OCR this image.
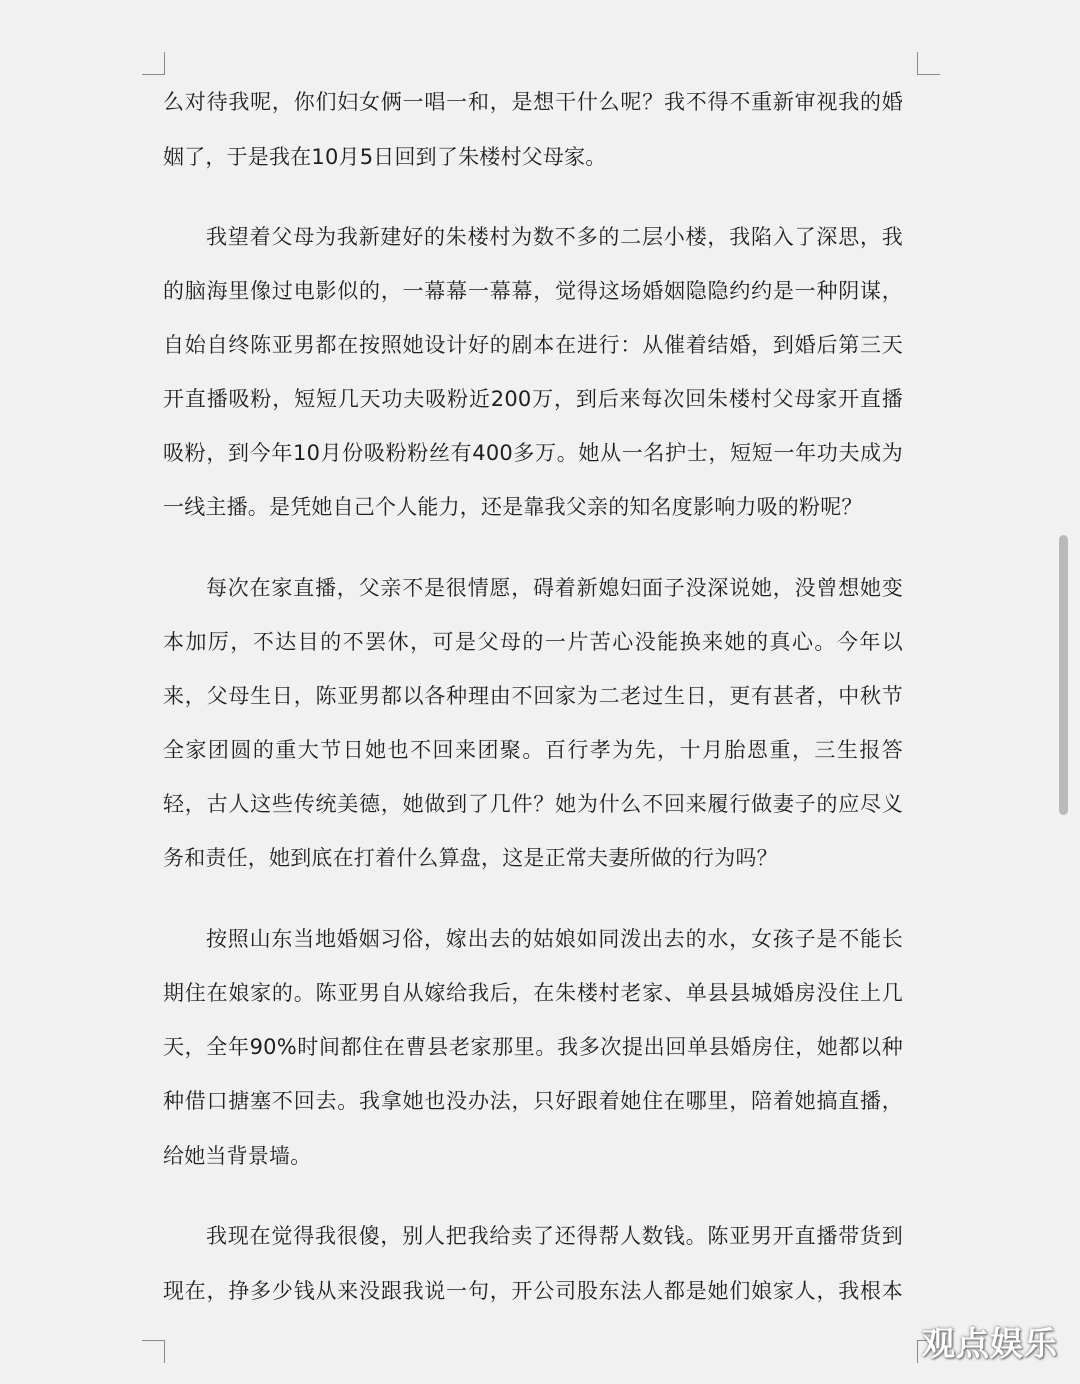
么对待我呢，你们妇女俩一唱一和，是想干什么呢？我不得不重新审视我的婚
姻了，于是我在10月5日回到了朱楼村父母家。
我望着父母为我新建好的朱楼村为数不多的二层小楼，我陷入了深思，我
的脑海里像过电影似的，一幕幕一幕幕，觉得这场婚姻隐隐约约是一种阴谋，
自始自终陈亚男都在按照她设计好的剧本在进行：从催着结婚，到婚后第三天
开直播吸粉，短短几天功夫吸粉近200万，到后来每次回朱楼村父母家开直播
吸粉，到今年10月份吸粉粉丝有400多万。她从一名护士，短短一年功夫成为
一线主播。是凭她自己个人能力，还是靠我父亲的知名度影响力吸的粉呢？
每次在家直播，父亲不是很情愿，碍着新媳妇面子没深说她，没曾想她变
本加厉，不达目的不罢休，可是父母的一片苦心没能换来她的真心。今年以
来，父母生日，陈亚男都以各种理由不回家为二老过生日，更有甚者，中秋节
全家团圆的重大节日她也不回来团聚。百行孝为先，十月胎恩重，三生报答
轻，古人这些传统美德，她做到了几件？她为什么不回来履行做妻子的应尽义
务和责任，她到底在打着什么算盘，这是正常夫妻所做的行为吗？
按照山东当地婚姻习俗，嫁出去的姑娘如同泼出去的水，女孩子是不能长
期住在娘家的。陈亚男自从嫁给我后，在朱楼村老家、单县县城婚房没住上几
天，全年90%时间都住在曹县老家那里。我多次提出回单县婚房住，她都以种
种借口搪塞不回去。我拿她也没办法，只好跟着她住在哪里，陪着她搞直播，
给她当背景墙。
我现在觉得我很傻，别人把我给卖了还得帮人数钱。陈亚男开直播带货到
现在，挣多少钱从来没跟我说一句，开公司股东法人都是她们娘家人，我根本
观点娱乐
